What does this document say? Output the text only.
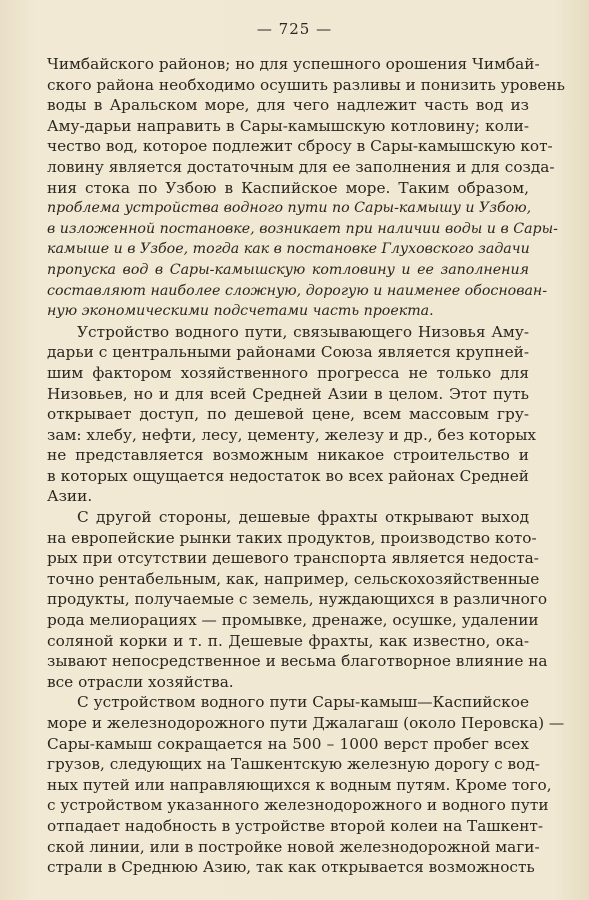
— 725 —
Чимбайского районов; но для успешного орошения Чимбай-
ского района необходимо осушить разливы и понизить уровень
воды в Аральском море, для чего надлежит часть вод из
Аму-дарьи направить в Сары-камышскую котловину; коли-
чество вод, которое подлежит сбросу в Сары-камышскую кот-
ловину является достаточным для ее заполнения и для созда-
ния стока по Узбою в Каспийское море. Таким образом,
проблема устройства водного пути по Сары-камышу и Узбою,
в изложенной постановке, возникает при наличии воды и в Сары-
камыше и в Узбое, тогда как в постановке Глуховского задачи
пропуска вод в Сары-камышскую котловину и ее заполнения
составляют наиболее сложную, дорогую и наименее обоснован-
ную экономическими подсчетами часть проекта.
Устройство водного пути, связывающего Низовья Аму-
дарьи с центральными районами Союза является крупней-
шим фактором хозяйственного прогресса не только для
Низовьев, но и для всей Средней Азии в целом. Этот путь
открывает доступ, по дешевой цене, всем массовым гру-
зам: хлебу, нефти, лесу, цементу, железу и др., без которых
не представляется возможным никакое строительство и
в которых ощущается недостаток во всех районах Средней
Азии.
С другой стороны, дешевые фрахты открывают выход
на европейские рынки таких продуктов, производство кото-
рых при отсутствии дешевого транспорта является недоста-
точно рентабельным, как, например, сельскохозяйственные
продукты, получаемые с земель, нуждающихся в различного
рода мелиорациях — промывке, дренаже, осушке, удалении
соляной корки и т. п. Дешевые фрахты, как известно, ока-
зывают непосредственное и весьма благотворное влияние на
все отрасли хозяйства.
С устройством водного пути Сары-камыш—Каспийское
море и железнодорожного пути Джалагаш (около Перовска) —
Сары-камыш сокращается на 500 – 1000 верст пробег всех
грузов, следующих на Ташкентскую железную дорогу с вод-
ных путей или направляющихся к водным путям. Кроме того,
с устройством указанного железнодорожного и водного пути
отпадает надобность в устройстве второй колеи на Ташкент-
ской линии, или в постройке новой железнодорожной маги-
страли в Среднюю Азию, так как открывается возможность
